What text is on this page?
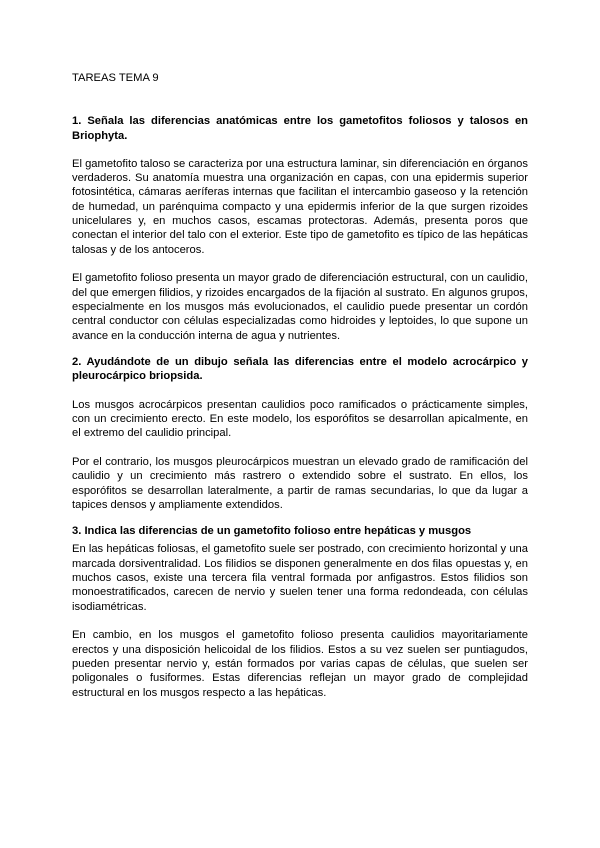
TAREAS TEMA 9
1. Señala las diferencias anatómicas entre los gametofitos foliosos y talosos en Briophyta.

El gametofito taloso se caracteriza por una estructura laminar, sin diferenciación en órganos verdaderos. Su anatomía muestra una organización en capas, con una epidermis superior fotosintética, cámaras aeríferas internas que facilitan el intercambio gaseoso y la retención de humedad, un parénquima compacto y una epidermis inferior de la que surgen rizoides unicelulares y, en muchos casos, escamas protectoras. Además, presenta poros que conectan el interior del talo con el exterior. Este tipo de gametofito es típico de las hepáticas talosas y de los antoceros.

El gametofito folioso presenta un mayor grado de diferenciación estructural, con un caulidio, del que emergen filidios, y rizoides encargados de la fijación al sustrato. En algunos grupos, especialmente en los musgos más evolucionados, el caulidio puede presentar un cordón central conductor con células especializadas como hidroides y leptoides, lo que supone un avance en la conducción interna de agua y nutrientes.

2. Ayudándote de un dibujo señala las diferencias entre el modelo acrocárpico y pleurocárpico briopsida.

Los musgos acrocárpicos presentan caulidios poco ramificados o prácticamente simples, con un crecimiento erecto. En este modelo, los esporófitos se desarrollan apicalmente, en el extremo del caulidio principal.

Por el contrario, los musgos pleurocárpicos muestran un elevado grado de ramificación del caulidio y un crecimiento más rastrero o extendido sobre el sustrato. En ellos, los esporófitos se desarrollan lateralmente, a partir de ramas secundarias, lo que da lugar a tapices densos y ampliamente extendidos.

3. Indica las diferencias de un gametofito folioso entre hepáticas y musgos

En las hepáticas foliosas, el gametofito suele ser postrado, con crecimiento horizontal y una marcada dorsiventralidad. Los filidios se disponen generalmente en dos filas opuestas y, en muchos casos, existe una tercera fila ventral formada por anfigastros. Estos filidios son monoestratificados, carecen de nervio y suelen tener una forma redondeada, con células isodiamétricas.

En cambio, en los musgos el gametofito folioso presenta caulidios mayoritariamente erectos y una disposición helicoidal de los filidios. Estos a su vez suelen ser puntiagudos, pueden presentar nervio y, están formados por varias capas de células, que suelen ser poligonales o fusiformes. Estas diferencias reflejan un mayor grado de complejidad estructural en los musgos respecto a las hepáticas.
